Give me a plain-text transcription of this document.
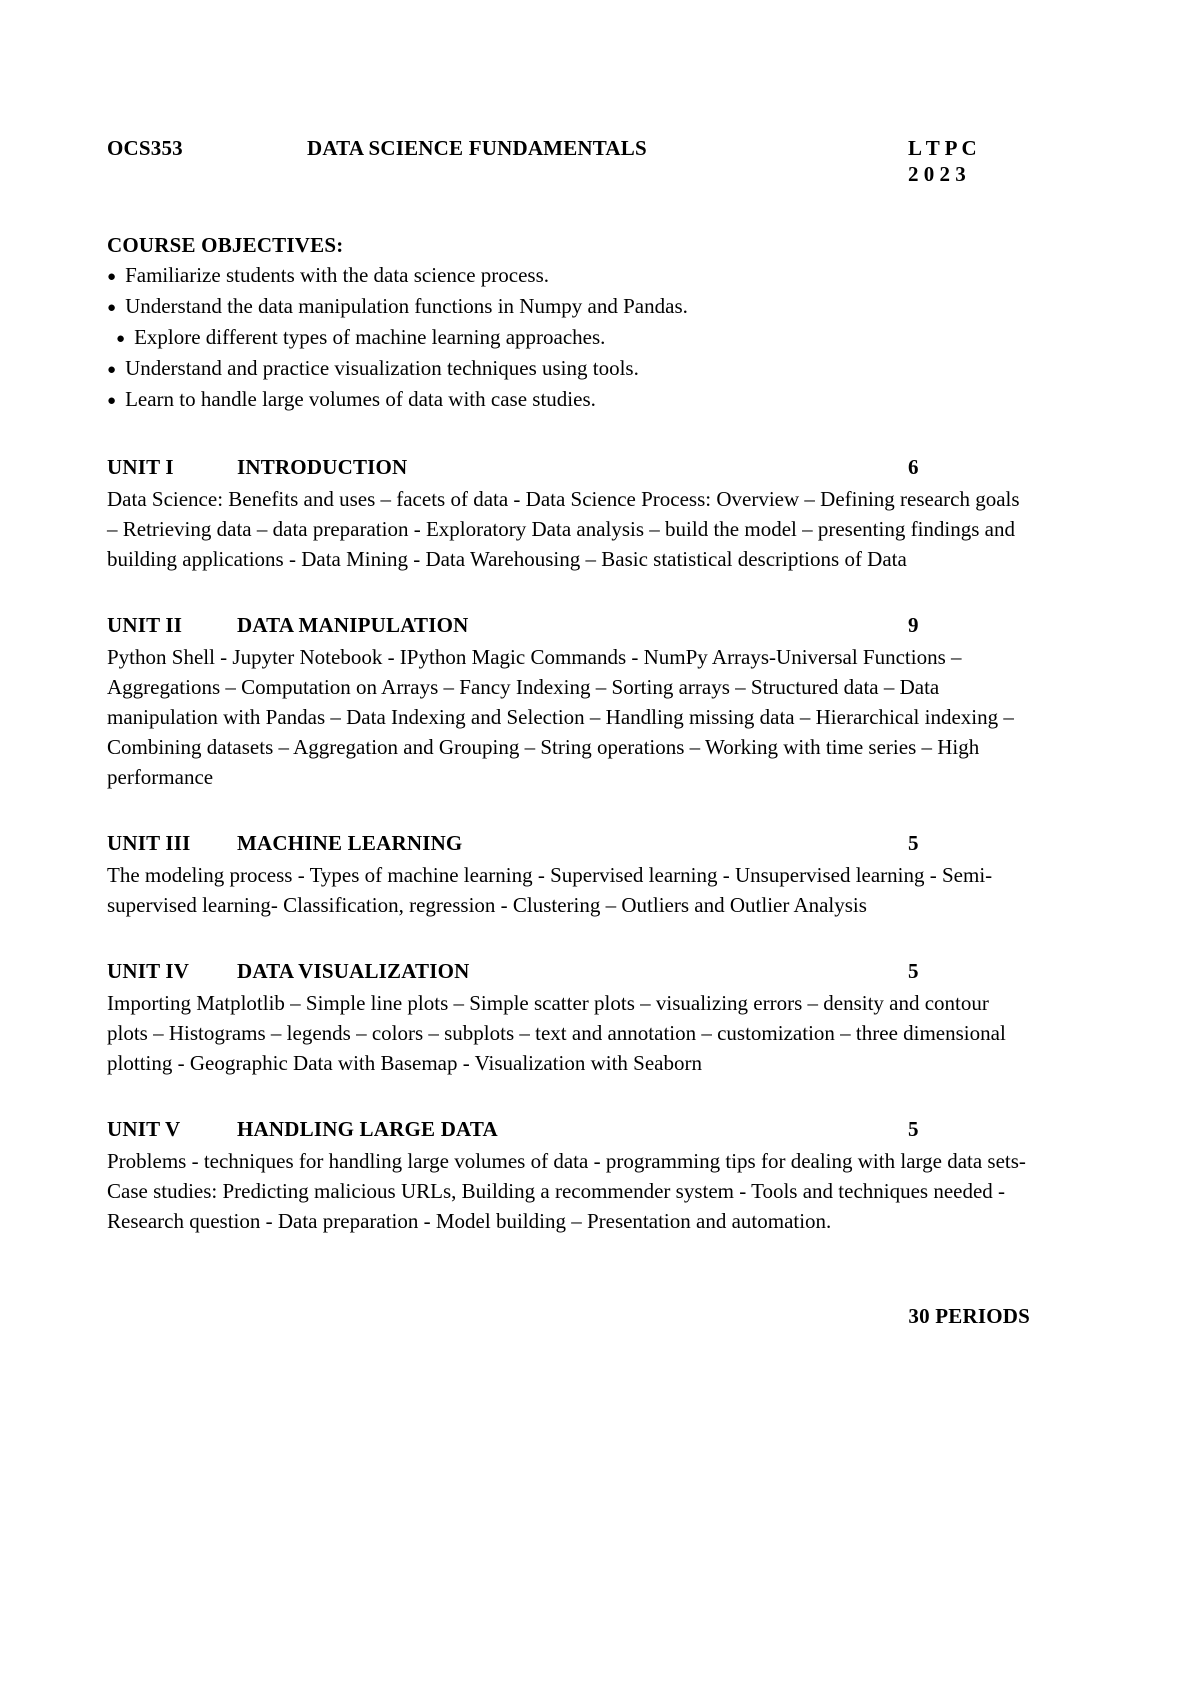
OCS353	DATA SCIENCE FUNDAMENTALS	L T P C
2 0 2 3
COURSE OBJECTIVES:
● Familiarize students with the data science process.
● Understand the data manipulation functions in Numpy and Pandas.
● Explore different types of machine learning approaches.
● Understand and practice visualization techniques using tools.
● Learn to handle large volumes of data with case studies.
UNIT I	INTRODUCTION	6

Data Science: Benefits and uses – facets of data - Data Science Process: Overview – Defining research goals – Retrieving data – data preparation - Exploratory Data analysis – build the model – presenting findings and building applications - Data Mining - Data Warehousing – Basic statistical descriptions of Data

UNIT II	DATA MANIPULATION	9

Python Shell - Jupyter Notebook - IPython Magic Commands - NumPy Arrays-Universal Functions – Aggregations – Computation on Arrays – Fancy Indexing – Sorting arrays – Structured data – Data manipulation with Pandas – Data Indexing and Selection – Handling missing data – Hierarchical indexing – Combining datasets – Aggregation and Grouping – String operations – Working with time series – High performance

UNIT III	MACHINE LEARNING	5

The modeling process - Types of machine learning - Supervised learning - Unsupervised learning - Semi-supervised learning- Classification, regression - Clustering – Outliers and Outlier Analysis

UNIT IV	DATA VISUALIZATION	5

Importing Matplotlib – Simple line plots – Simple scatter plots – visualizing errors – density and contour plots – Histograms – legends – colors – subplots – text and annotation – customization – three dimensional plotting - Geographic Data with Basemap - Visualization with Seaborn

UNIT V	HANDLING LARGE DATA	5

Problems - techniques for handling large volumes of data - programming tips for dealing with large data sets- Case studies: Predicting malicious URLs, Building a recommender system - Tools and techniques needed - Research question - Data preparation - Model building – Presentation and automation.

30 PERIODS
